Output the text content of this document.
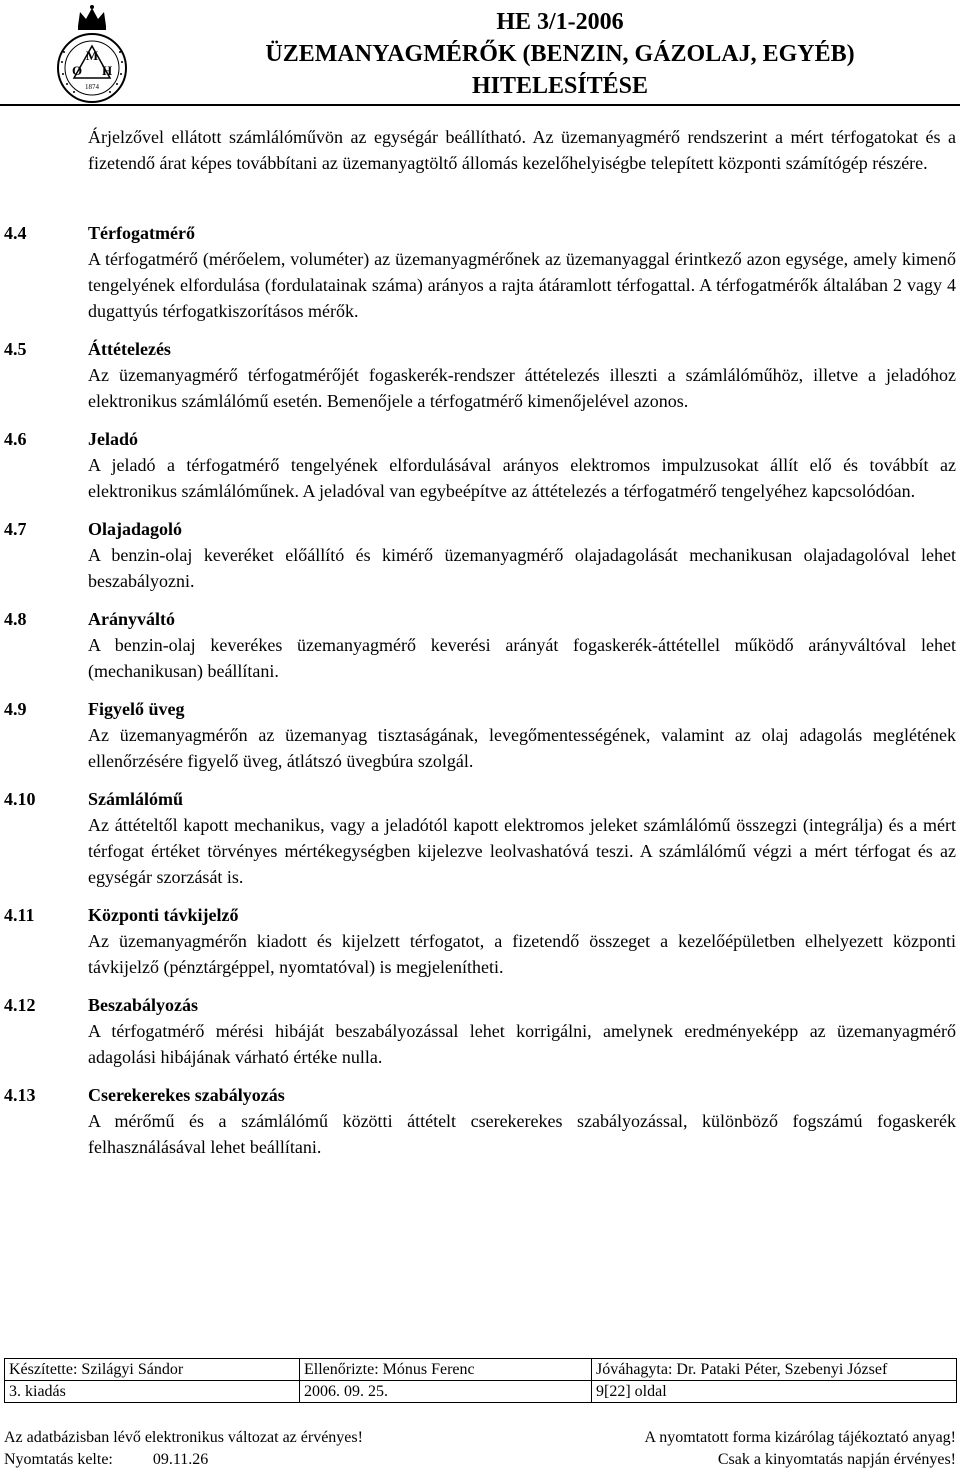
M
O H
1874
HE 3/1-2006
ÜZEMANYAGMÉRŐK (BENZIN, GÁZOLAJ, EGYÉB)
HITELESÍTÉSE

Árjelzővel ellátott számlálóművön az egységár beállítható. Az üzemanyagmérő rendszerint a mért térfogatokat és a fizetendő árat képes továbbítani az üzemanyagtöltő állomás kezelőhelyiségbe telepített központi számítógép részére.

4.4	Térfogatmérő
A térfogatmérő (mérőelem, voluméter) az üzemanyagmérőnek az üzemanyaggal érintkező azon egysége, amely kimenő tengelyének elfordulása (fordulatainak száma) arányos a rajta átáramlott térfogattal. A térfogatmérők általában 2 vagy 4 dugattyús térfogatkiszorításos mérők.
4.5	Áttételezés
Az üzemanyagmérő térfogatmérőjét fogaskerék-rendszer áttételezés illeszti a számlálóműhöz, illetve a jeladóhoz elektronikus számlálómű esetén. Bemenőjele a térfogatmérő kimenőjelével azonos.
4.6	Jeladó
A jeladó a térfogatmérő tengelyének elfordulásával arányos elektromos impulzusokat állít elő és továbbít az elektronikus számlálóműnek. A jeladóval van egybeépítve az áttételezés a térfogatmérő tengelyéhez kapcsolódóan.
4.7	Olajadagoló
A benzin-olaj keveréket előállító és kimérő üzemanyagmérő olajadagolását mechanikusan olajadagolóval lehet beszabályozni.
4.8	Arányváltó
A benzin-olaj keverékes üzemanyagmérő keverési arányát fogaskerék-áttétellel működő arányváltóval lehet (mechanikusan) beállítani.
4.9	Figyelő üveg
Az üzemanyagmérőn az üzemanyag tisztaságának, levegőmentességének, valamint az olaj adagolás meglétének ellenőrzésére figyelő üveg, átlátszó üvegbúra szolgál.
4.10	Számlálómű
Az áttételtől kapott mechanikus, vagy a jeladótól kapott elektromos jeleket számlálómű összegzi (integrálja) és a mért térfogat értéket törvényes mértékegységben kijelezve leolvashatóvá teszi. A számlálómű végzi a mért térfogat és az egységár szorzását is.
4.11	Központi távkijelző
Az üzemanyagmérőn kiadott és kijelzett térfogatot, a fizetendő összeget a kezelőépületben elhelyezett központi távkijelző (pénztárgéppel, nyomtatóval) is megjelenítheti.
4.12	Beszabályozás
A térfogatmérő mérési hibáját beszabályozással lehet korrigálni, amelynek eredményeképp az üzemanyagmérő adagolási hibájának várható értéke nulla.
4.13	Cserekerekes szabályozás
A mérőmű és a számlálómű közötti áttételt cserekerekes szabályozással, különböző fogszámú fogaskerék felhasználásával lehet beállítani.
Készítette: Szilágyi Sándor	Ellenőrizte: Mónus Ferenc	Jóváhagyta: Dr. Pataki Péter, Szebenyi József
3. kiadás	2006. 09. 25.	9[22] oldal
Az adatbázisban lévő elektronikus változat az érvényes!	A nyomtatott forma kizárólag tájékoztató anyag!
Nyomtatás kelte:	09.11.26	Csak a kinyomtatás napján érvényes!
